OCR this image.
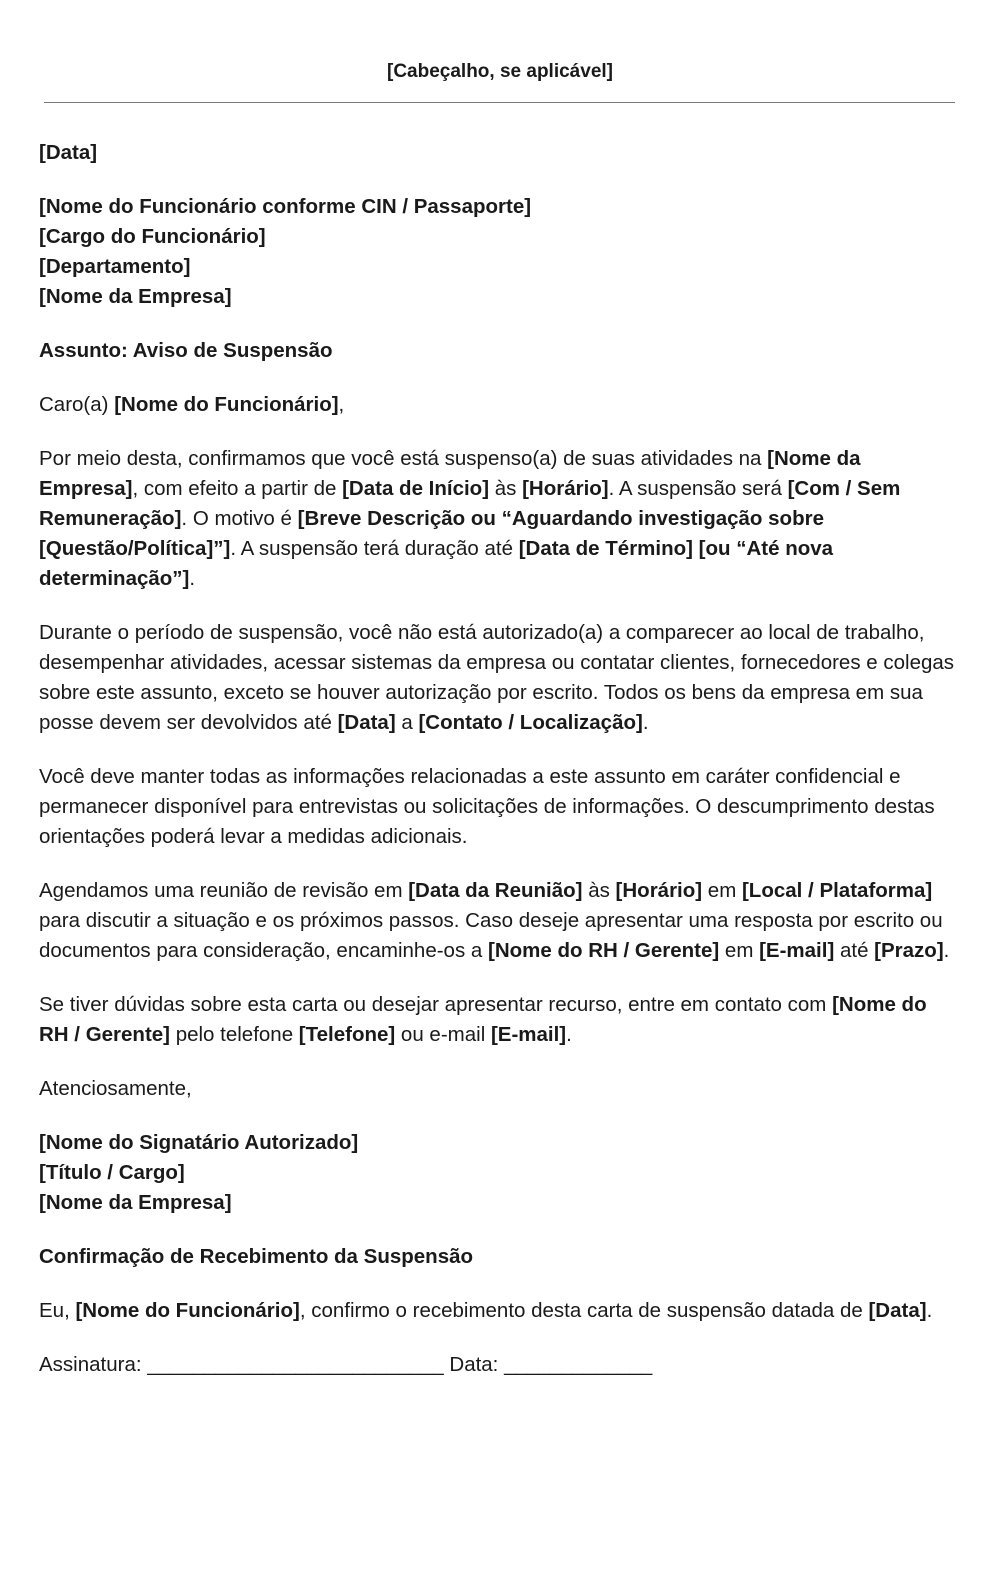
[Cabeçalho, se aplicável]

[Data]

[Nome do Funcionário conforme CIN / Passaporte]
[Cargo do Funcionário]
[Departamento]
[Nome da Empresa]

Assunto: Aviso de Suspensão

Caro(a) [Nome do Funcionário],

Por meio desta, confirmamos que você está suspenso(a) de suas atividades na [Nome da Empresa], com efeito a partir de [Data de Início] às [Horário]. A suspensão será [Com / Sem Remuneração]. O motivo é [Breve Descrição ou “Aguardando investigação sobre [Questão/Política]”]. A suspensão terá duração até [Data de Término] [ou “Até nova determinação”].

Durante o período de suspensão, você não está autorizado(a) a comparecer ao local de trabalho, desempenhar atividades, acessar sistemas da empresa ou contatar clientes, fornecedores e colegas sobre este assunto, exceto se houver autorização por escrito. Todos os bens da empresa em sua posse devem ser devolvidos até [Data] a [Contato / Localização].

Você deve manter todas as informações relacionadas a este assunto em caráter confidencial e permanecer disponível para entrevistas ou solicitações de informações. O descumprimento destas orientações poderá levar a medidas adicionais.

Agendamos uma reunião de revisão em [Data da Reunião] às [Horário] em [Local / Plataforma] para discutir a situação e os próximos passos. Caso deseje apresentar uma resposta por escrito ou documentos para consideração, encaminhe-os a [Nome do RH / Gerente] em [E-mail] até [Prazo].

Se tiver dúvidas sobre esta carta ou desejar apresentar recurso, entre em contato com [Nome do RH / Gerente] pelo telefone [Telefone] ou e-mail [E-mail].

Atenciosamente,

[Nome do Signatário Autorizado]
[Título / Cargo]
[Nome da Empresa]

Confirmação de Recebimento da Suspensão

Eu, [Nome do Funcionário], confirmo o recebimento desta carta de suspensão datada de [Data].

Assinatura: __________________________ Data: _____________
